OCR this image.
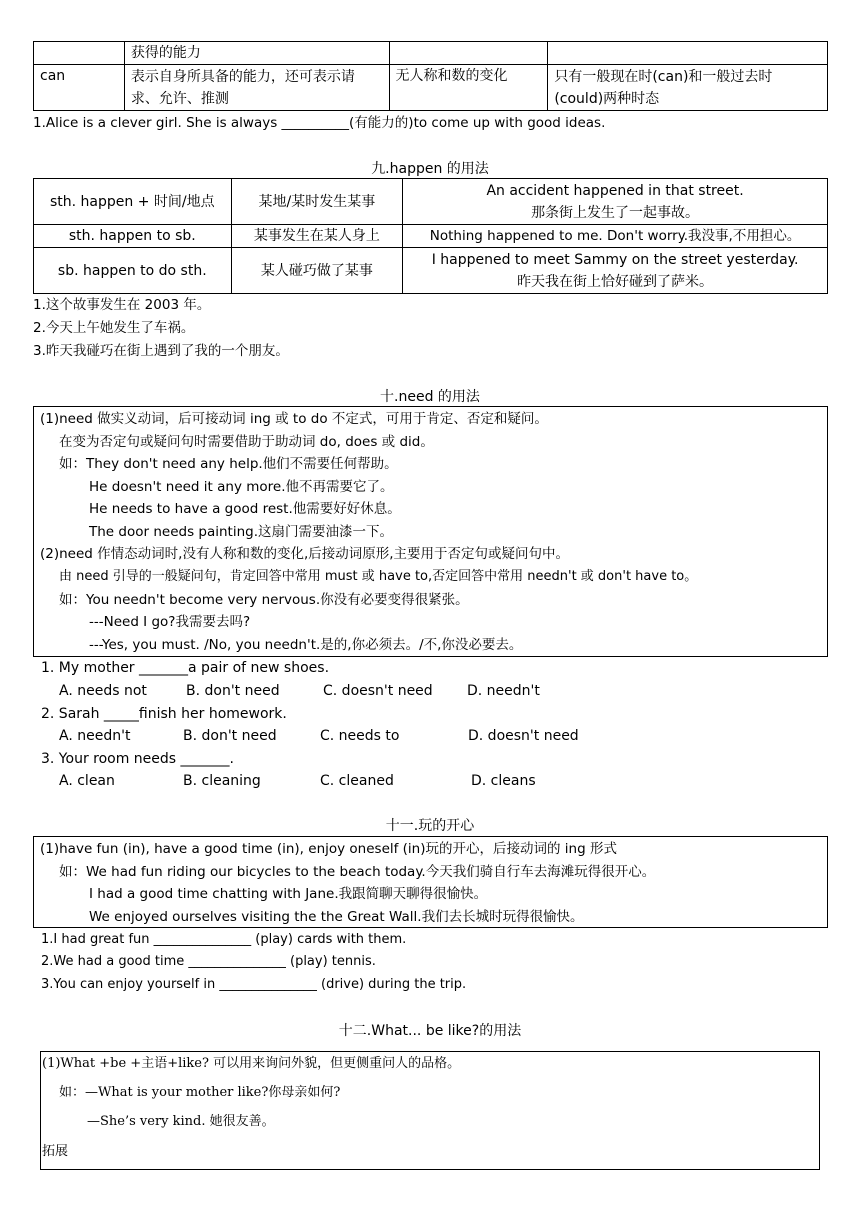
	获得的能力		
can	表示自身所具备的能力，还可表示请求、允许、推测	无人称和数的变化	只有一般现在时(can)和一般过去时(could)两种时态
1.Alice is a clever girl. She is always __________(有能力的)to come up with good ideas.
九.happen 的用法
sth. happen + 时间/地点	某地/某时发生某事	An accident happened in that street.
那条街上发生了一起事故。

sth. happen to sb.	某事发生在某人身上	Nothing happened to me. Don't worry.我没事,不用担心。
sb. happen to do sth.	某人碰巧做了某事	I happened to meet Sammy on the street yesterday.
昨天我在街上恰好碰到了萨米。
1.这个故事发生在 2003 年。
2.今天上午她发生了车祸。
3.昨天我碰巧在街上遇到了我的一个朋友。
十.need 的用法
(1)need 做实义动词，后可接动词 ing 或 to do 不定式，可用于肯定、否定和疑问。
在变为否定句或疑问句时需要借助于助动词 do, does 或 did。
如：They don't need any help.他们不需要任何帮助。
He doesn't need it any more.他不再需要它了。
He needs to have a good rest.他需要好好休息。
The door needs painting.这扇门需要油漆一下。
(2)need 作情态动词时,没有人称和数的变化,后接动词原形,主要用于否定句或疑问句中。
由 need 引导的一般疑问句，肯定回答中常用 must 或 have to,否定回答中常用 needn't 或 don't have to。
如：You needn't become very nervous.你没有必要变得很紧张。
---Need I go?我需要去吗?
---Yes, you must. /No, you needn't.是的,你必须去。/不,你没必要去。
1. My mother _______a pair of new shoes.
A. needs not	B. don't need	C. doesn't need D. needn't
2. Sarah _____finish her homework.
A. needn't	B. don't need	C. needs to	D. doesn't need
3. Your room needs _______.
A. clean	B. cleaning	C. cleaned	D. cleans
十一.玩的开心
(1)have fun (in), have a good time (in), enjoy oneself (in)玩的开心，后接动词的 ing 形式
如：We had fun riding our bicycles to the beach today.今天我们骑自行车去海滩玩得很开心。
I had a good time chatting with Jane.我跟简聊天聊得很愉快。
We enjoyed ourselves visiting the the Great Wall.我们去长城时玩得很愉快。
1.I had great fun _______________ (play) cards with them.
2.We had a good time _______________ (play) tennis.
3.You can enjoy yourself in _______________ (drive) during the trip.
十二.What... be like?的用法
(1)What +be +主语+like? 可以用来询问外貌，但更侧重问人的品格。
如：—What is your mother like?你母亲如何?
—She’s very kind. 她很友善。
拓展
